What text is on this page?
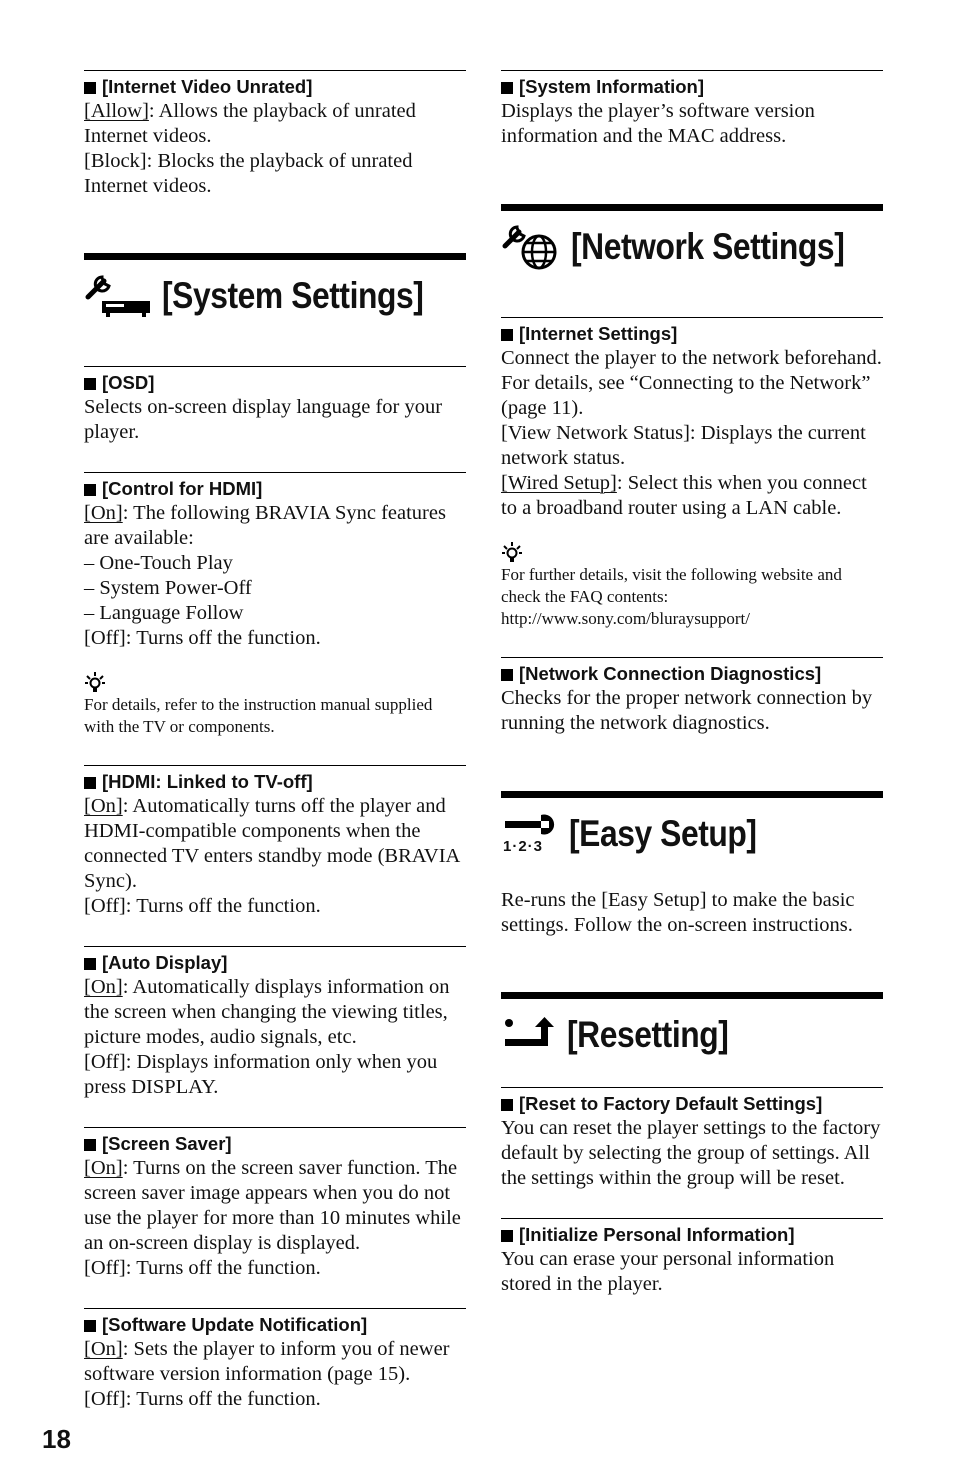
[Internet Video Unrated]

[Allow]: Allows the playback of unrated Internet videos.

[Block]: Blocks the playback of unrated Internet videos.

[System Settings]
[OSD]

Selects on-screen display language for your player.

[Control for HDMI]

[On]: The following BRAVIA Sync features are available:

– One-Touch Play

– System Power-Off

– Language Follow

[Off]: Turns off the function.

For details, refer to the instruction manual supplied with the TV or components.

[HDMI: Linked to TV-off]

[On]: Automatically turns off the player and HDMI-compatible components when the connected TV enters standby mode (BRAVIA Sync).

[Off]: Turns off the function.

[Auto Display]

[On]: Automatically displays information on the screen when changing the viewing titles, picture modes, audio signals, etc.

[Off]: Displays information only when you press DISPLAY.

[Screen Saver]

[On]: Turns on the screen saver function. The screen saver image appears when you do not use the player for more than 10 minutes while an on-screen display is displayed.

[Off]: Turns off the function.

[Software Update Notification]

[On]: Sets the player to inform you of newer software version information (page 15).

[Off]: Turns off the function.

[System Information]

Displays the player’s software version information and the MAC address.

[Network Settings]
[Internet Settings]

Connect the player to the network beforehand. For details, see “Connecting to the Network” (page 11).

[View Network Status]: Displays the current network status.

[Wired Setup]: Select this when you connect to a broadband router using a LAN cable.

For further details, visit the following website and check the FAQ contents:

http://www.sony.com/bluraysupport/

[Network Connection Diagnostics]

Checks for the proper network connection by running the network diagnostics.

1·2·3 [Easy Setup]

Re-runs the [Easy Setup] to make the basic settings. Follow the on-screen instructions.

[Resetting]
[Reset to Factory Default Settings]

You can reset the player settings to the factory default by selecting the group of settings. All the settings within the group will be reset.

[Initialize Personal Information]

You can erase your personal information stored in the player.

18
